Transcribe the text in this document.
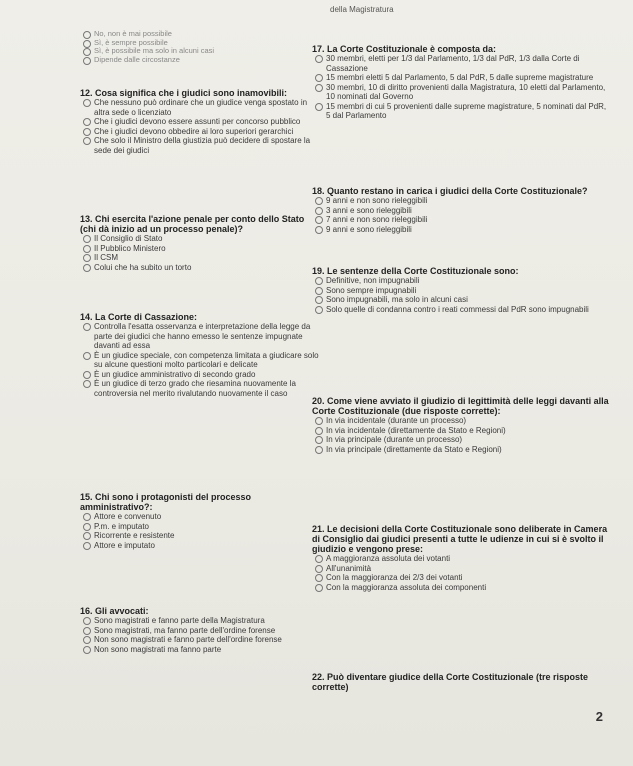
della Magistratura
No, non è mai possibile
Sì, è sempre possibile
Sì, è possibile ma solo in alcuni casi
Dipende dalle circostanze
12. Cosa significa che i giudici sono inamovibili:
Che nessuno può ordinare che un giudice venga spostato in altra sede o licenziato
Che i giudici devono essere assunti per concorso pubblico
Che i giudici devono obbedire ai loro superiori gerarchici
Che solo il Ministro della giustizia può decidere di spostare la sede dei giudici
13. Chi esercita l'azione penale per conto dello Stato (chi dà inizio ad un processo penale)?
Il Consiglio di Stato
Il Pubblico Ministero
Il CSM
Colui che ha subito un torto
14. La Corte di Cassazione:
Controlla l'esatta osservanza e interpretazione della legge da parte dei giudici che hanno emesso le sentenze impugnate davanti ad essa
È un giudice speciale, con competenza limitata a giudicare solo su alcune questioni molto particolari e delicate
È un giudice amministrativo di secondo grado
È un giudice di terzo grado che riesamina nuovamente la controversia nel merito rivalutando nuovamente il caso
15. Chi sono i protagonisti del processo amministrativo?:
Attore e convenuto
P.m. e imputato
Ricorrente e resistente
Attore e imputato
16. Gli avvocati:
Sono magistrati e fanno parte della Magistratura
Sono magistrati, ma fanno parte dell'ordine forense
Non sono magistrati e fanno parte dell'ordine forense
Non sono magistrati ma fanno parte
17. La Corte Costituzionale è composta da:
30 membri, eletti per 1/3 dal Parlamento, 1/3 dal PdR, 1/3 dalla Corte di Cassazione
15 membri eletti 5 dal Parlamento, 5 dal PdR, 5 dalle supreme magistrature
30 membri, 10 di diritto provenienti dalla Magistratura, 10 eletti dal Parlamento, 10 nominati dal Governo
15 membri di cui 5 provenienti dalle supreme magistrature, 5 nominati dal PdR, 5 dal Parlamento
18. Quanto restano in carica i giudici della Corte Costituzionale?
9 anni e non sono rieleggibili
3 anni e sono rieleggibili
7 anni e non sono rieleggibili
9 anni e sono rieleggibili
19. Le sentenze della Corte Costituzionale sono:
Definitive, non impugnabili
Sono sempre impugnabili
Sono impugnabili, ma solo in alcuni casi
Solo quelle di condanna contro i reati commessi dal PdR sono impugnabili
20. Come viene avviato il giudizio di legittimità delle leggi davanti alla Corte Costituzionale (due risposte corrette):
In via incidentale (durante un processo)
In via incidentale (direttamente da Stato e Regioni)
In via principale (durante un processo)
In via principale (direttamente da Stato e Regioni)
21. Le decisioni della Corte Costituzionale sono deliberate in Camera di Consiglio dai giudici presenti a tutte le udienze in cui si è svolto il giudizio e vengono prese:
A maggioranza assoluta dei votanti
All'unanimità
Con la maggioranza dei 2/3 dei votanti
Con la maggioranza assoluta dei componenti
22. Può diventare giudice della Corte Costituzionale (tre risposte corrette)
2
